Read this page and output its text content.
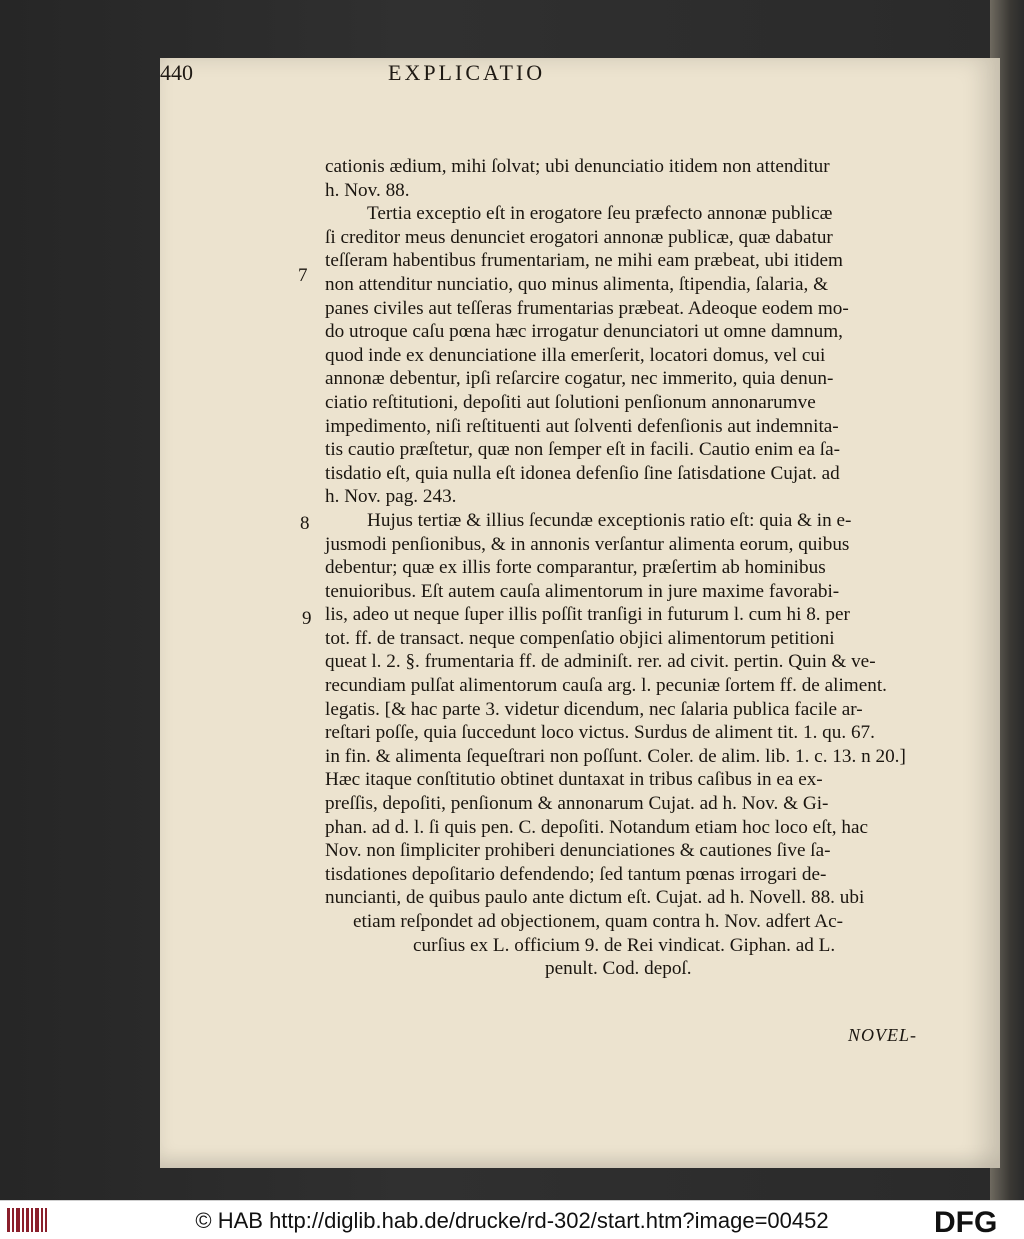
440	EXPLICATIO
7
8
9
cationis ædium, mihi ſolvat; ubi denunciatio itidem non attenditur
h. Nov. 88.
Tertia exceptio eſt in erogatore ſeu præfecto annonæ publicæ
ſi creditor meus denunciet erogatori annonæ publicæ, quæ dabatur
teſſeram habentibus frumentariam, ne mihi eam præbeat, ubi itidem
non attenditur nunciatio, quo minus alimenta, ſtipendia, ſalaria, &
panes civiles aut teſſeras frumentarias præbeat. Adeoque eodem mo-
do utroque caſu pœna hæc irrogatur denunciatori ut omne damnum,
quod inde ex denunciatione illa emerſerit, locatori domus, vel cui
annonæ debentur, ipſi reſarcire cogatur, nec immerito, quia denun-
ciatio reſtitutioni, depoſiti aut ſolutioni penſionum annonarumve
impedimento, niſi reſtituenti aut ſolventi defenſionis aut indemnita-
tis cautio præſtetur, quæ non ſemper eſt in facili. Cautio enim ea ſa-
tisdatio eſt, quia nulla eſt idonea defenſio ſine ſatisdatione Cujat. ad
h. Nov. pag. 243.
Hujus tertiæ & illius ſecundæ exceptionis ratio eſt: quia & in e-
jusmodi penſionibus, & in annonis verſantur alimenta eorum, quibus
debentur; quæ ex illis forte comparantur, præſertim ab hominibus
tenuioribus. Eſt autem cauſa alimentorum in jure maxime favorabi-
lis, adeo ut neque ſuper illis poſſit tranſigi in futurum l. cum hi 8. per
tot. ff. de transact. neque compenſatio objici alimentorum petitioni
queat l. 2. §. frumentaria ff. de adminiſt. rer. ad civit. pertin. Quin & ve-
recundiam pulſat alimentorum cauſa arg. l. pecuniæ ſortem ff. de aliment.
legatis. [& hac parte 3. videtur dicendum, nec ſalaria publica facile ar-
reſtari poſſe, quia ſuccedunt loco victus. Surdus de aliment tit. 1. qu. 67.
in fin. & alimenta ſequeſtrari non poſſunt. Coler. de alim. lib. 1. c. 13. n 20.]
Hæc itaque conſtitutio obtinet duntaxat in tribus caſibus in ea ex-
preſſis, depoſiti, penſionum & annonarum Cujat. ad h. Nov. & Gi-
phan. ad d. l. ſi quis pen. C. depoſiti. Notandum etiam hoc loco eſt, hac
Nov. non ſimpliciter prohiberi denunciationes & cautiones ſive ſa-
tisdationes depoſitario defendendo; ſed tantum pœnas irrogari de-
nuncianti, de quibus paulo ante dictum eſt. Cujat. ad h. Novell. 88. ubi
etiam reſpondet ad objectionem, quam contra h. Nov. adfert Ac-
curſius ex L. officium 9. de Rei vindicat. Giphan. ad L.
penult. Cod. depoſ.
NOVEL-
© HAB http://diglib.hab.de/drucke/rd-302/start.htm?image=00452	DFG
